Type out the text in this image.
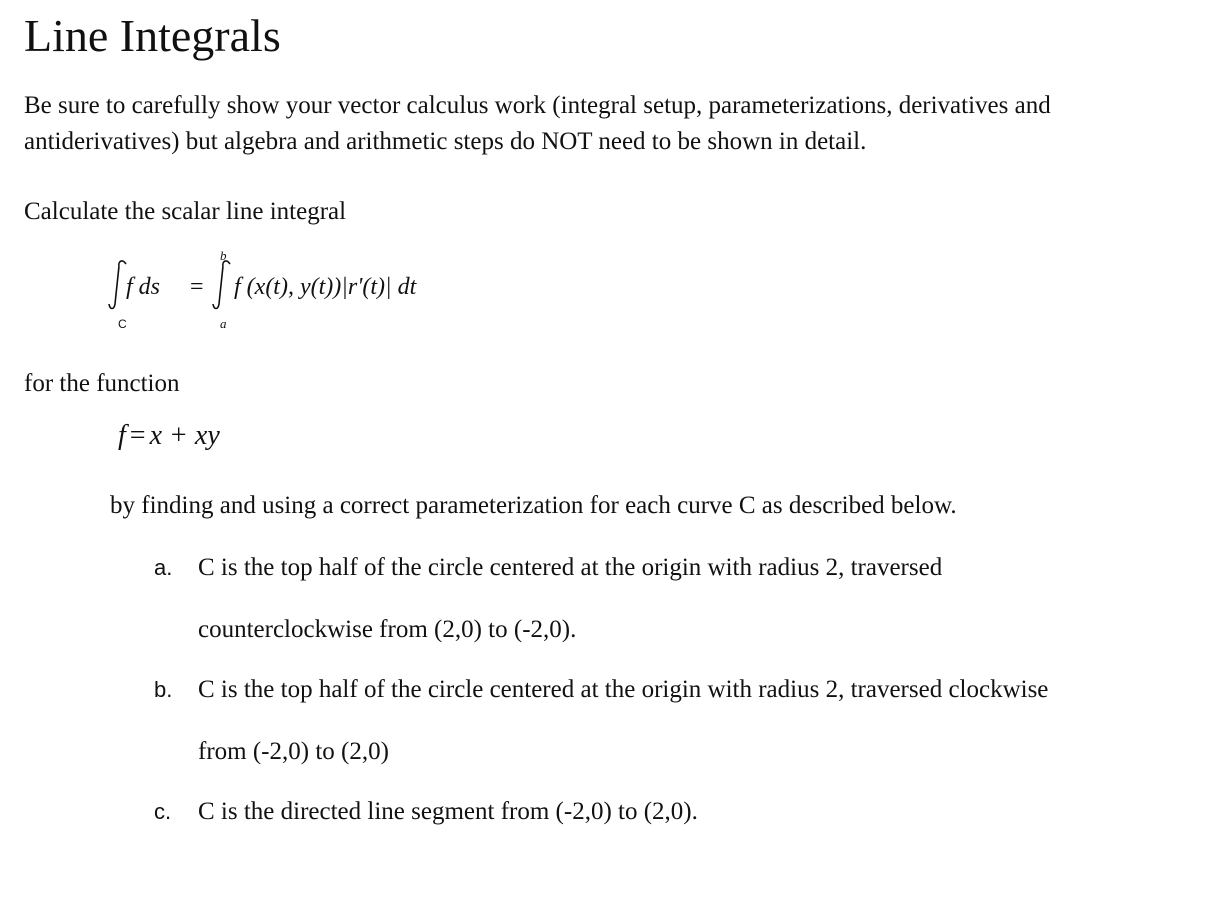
Line Integrals

Be sure to carefully show your vector calculus work (integral setup, parameterizations, derivatives and antiderivatives) but algebra and arithmetic steps do NOT need to be shown in detail.

Calculate the scalar line integral

f ds
C
=
b
a
f (x(t), y(t))|r'(t)| dt

for the function

f = x + xy

by finding and using a correct parameterization for each curve C as described below.

a. C is the top half of the circle centered at the origin with radius 2, traversed
counterclockwise from (2,0) to (-2,0).
b. C is the top half of the circle centered at the origin with radius 2, traversed clockwise
from (-2,0) to (2,0)
c. C is the directed line segment from (-2,0) to (2,0).
